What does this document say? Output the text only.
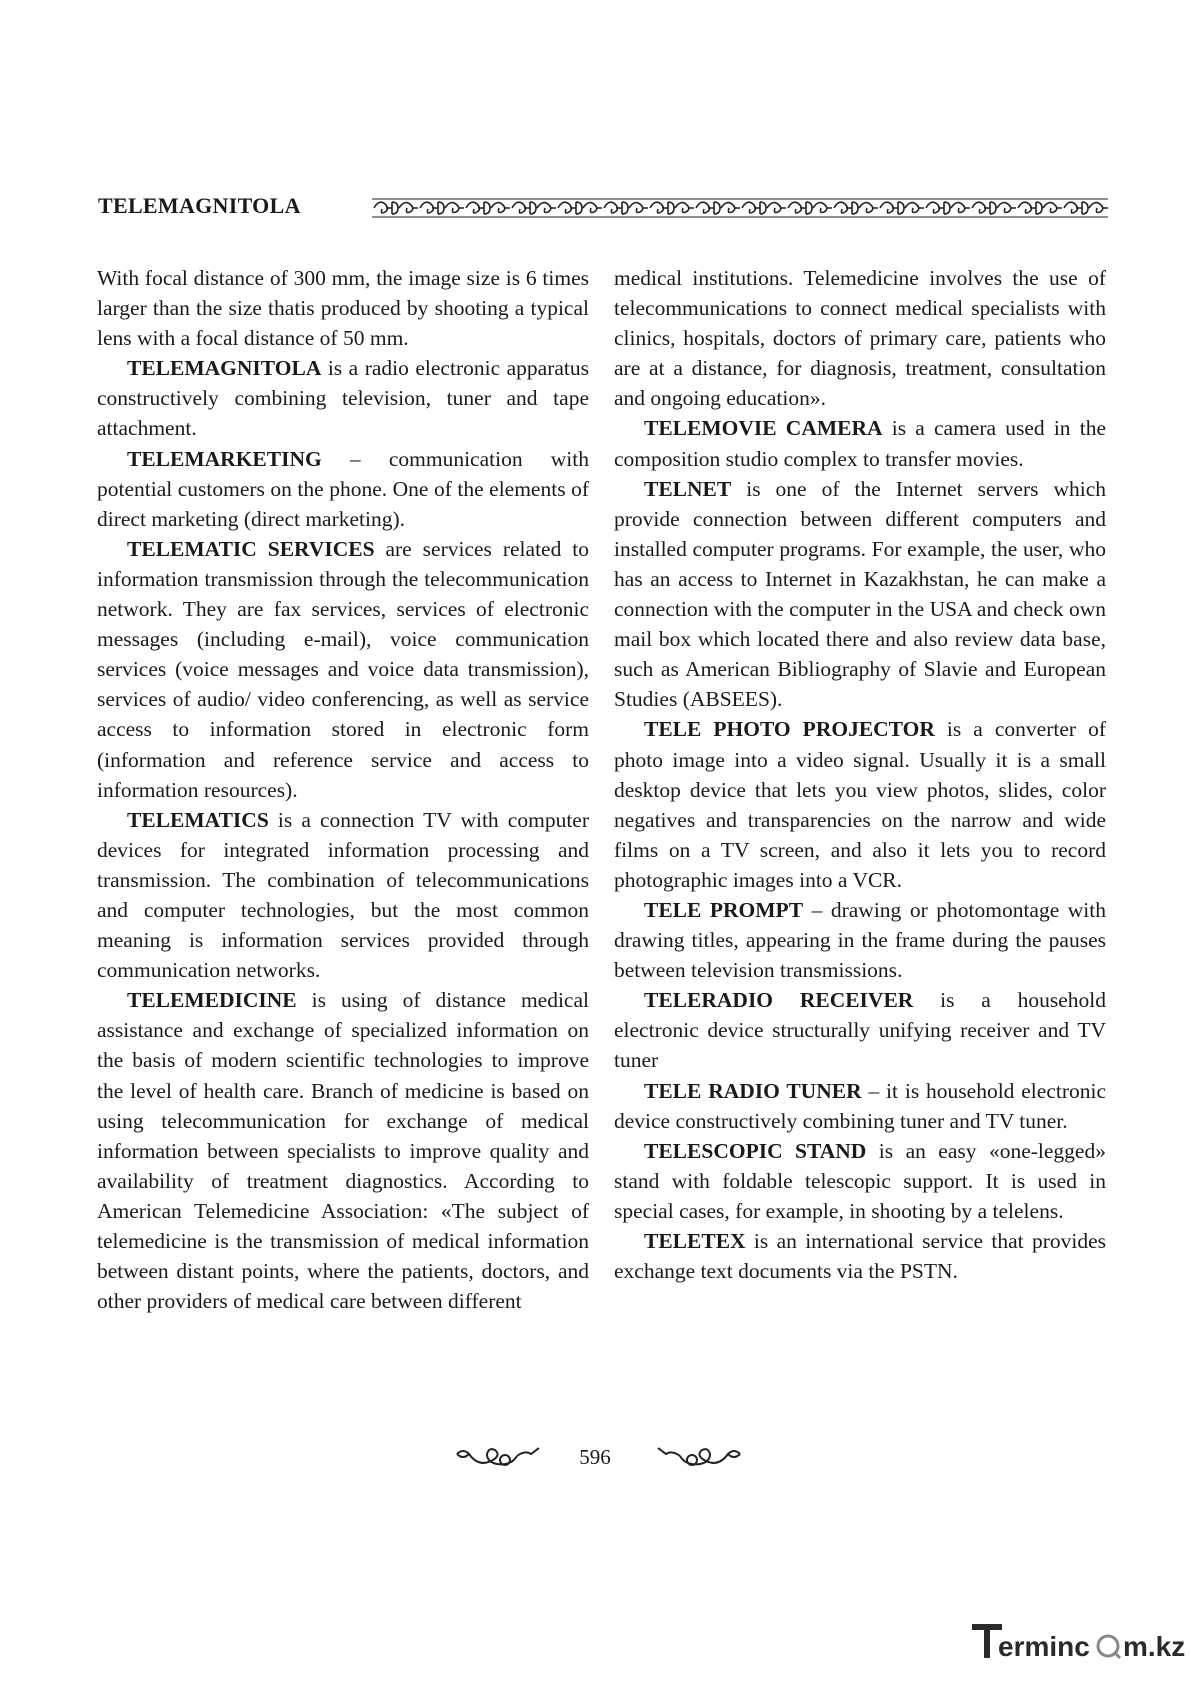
TELEMAGNITOLA

With focal distance of 300 mm, the image size is 6 times larger than the size thatis produced by shooting a typical lens with a focal distance of 50 mm.

TELEMAGNITOLA is a radio electronic apparatus constructively combining television, tuner and tape attachment.

TELEMARKETING – communication with potential customers on the phone. One of the elements of direct marketing (direct marketing).

TELEMATIC SERVICES are services related to information transmission through the telecommunication network. They are fax services, services of electronic messages (including e-mail), voice communication services (voice messages and voice data transmission), services of audio/ video conferencing, as well as service access to information stored in electronic form (information and reference service and access to information resources).

TELEMATICS is a connection TV with computer devices for integrated information processing and transmission. The combination of telecommunications and computer technologies, but the most common meaning is information services provided through communication networks.

TELEMEDICINE is using of distance medical assistance and exchange of specialized information on the basis of modern scientific technologies to improve the level of health care. Branch of medicine is based on using telecommunication for exchange of medical information between specialists to improve quality and availability of treatment diagnostics. According to American Telemedicine Association: «The subject of telemedicine is the transmission of medical information between distant points, where the patients, doctors, and other providers of medical care between different

medical institutions. Telemedicine involves the use of telecommunications to connect medical specialists with clinics, hospitals, doctors of primary care, patients who are at a distance, for diagnosis, treatment, consultation and ongoing education».

TELEMOVIE CAMERA is a camera used in the composition studio complex to transfer movies.

TELNET is one of the Internet servers which provide connection between different computers and installed computer programs. For example, the user, who has an access to Internet in Kazakhstan, he can make a connection with the computer in the USA and check own mail box which located there and also review data base, such as American Bibliography of Slavie and European Studies (ABSEES).

TELE PHOTO PROJECTOR is a converter of photo image into a video signal. Usually it is a small desktop device that lets you view photos, slides, color negatives and transparencies on the narrow and wide films on a TV screen, and also it lets you to record photographic images into a VCR.

TELE PROMPT – drawing or photomontage with drawing titles, appearing in the frame during the pauses between television transmissions.

TELERADIO RECEIVER is a household electronic device structurally unifying receiver and TV tuner

TELE RADIO TUNER – it is household electronic device constructively combining tuner and TV tuner.

TELESCOPIC STAND is an easy «one-legged» stand with foldable telescopic support. It is used in special cases, for example, in shooting by a telelens.

TELETEX is an international service that provides exchange text documents via the PSTN.

596
erminc m.kz
